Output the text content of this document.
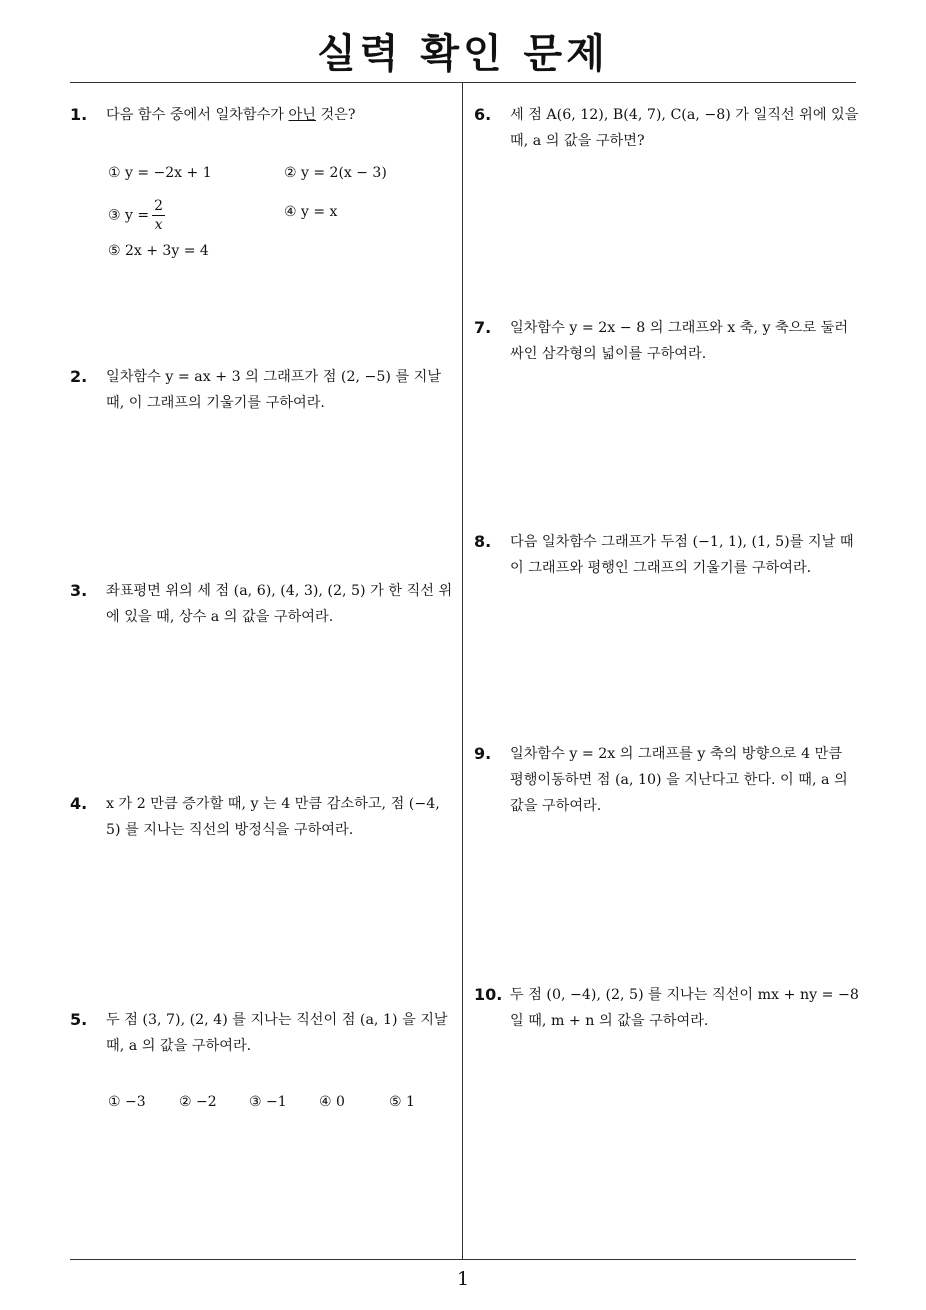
실력 확인 문제
1. 다음 함수 중에서 일차함수가 아닌 것은?
① y = −2x + 1	② y = 2(x − 3)
③ $y = \frac{2}{x}$	④ y = x
⑤ 2x + 3y = 4
2. 일차함수 y = ax + 3 의 그래프가 점 (2, −5) 를 지날 때, 이 그래프의 기울기를 구하여라.
3. 좌표평면 위의 세 점 (a, 6), (4, 3), (2, 5) 가 한 직선 위에 있을 때, 상수 a 의 값을 구하여라.
4. x 가 2 만큼 증가할 때, y 는 4 만큼 감소하고, 점 (−4, 5) 를 지나는 직선의 방정식을 구하여라.
5. 두 점 (3, 7), (2, 4) 를 지나는 직선이 점 (a, 1) 을 지날 때, a 의 값을 구하여라.
① −3 ② −2 ③ −1 ④ 0	⑤ 1
6. 세 점 A(6, 12), B(4, 7), C(a, −8) 가 일직선 위에 있을 때, a 의 값을 구하면?
7. 일차함수 y = 2x − 8 의 그래프와 x 축, y 축으로 둘러싸인 삼각형의 넓이를 구하여라.
8. 다음 일차함수 그래프가 두점 (−1, 1), (1, 5)를 지날 때 이 그래프와 평행인 그래프의 기울기를 구하여라.
9. 일차함수 y = 2x 의 그래프를 y 축의 방향으로 4 만큼 평행이동하면 점 (a, 10) 을 지난다고 한다. 이 때, a 의 값을 구하여라.
10. 두 점 (0, −4), (2, 5) 를 지나는 직선이 mx + ny = −8 일 때, m + n 의 값을 구하여라.
1
